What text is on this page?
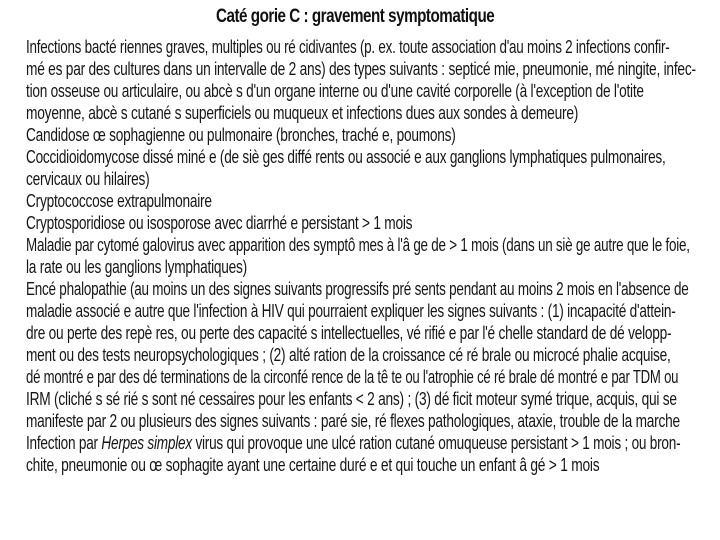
Caté gorie C : gravement symptomatique
Infections bacté riennes graves, multiples ou ré cidivantes (p. ex. toute association d'au moins 2 infections confir-
mé es par des cultures dans un intervalle de 2 ans) des types suivants : septicé mie, pneumonie, mé ningite, infec-
tion osseuse ou articulaire, ou abcè s d'un organe interne ou d'une cavité corporelle (à l'exception de l'otite
moyenne, abcè s cutané s superficiels ou muqueux et infections dues aux sondes à demeure)
Candidose œ sophagienne ou pulmonaire (bronches, traché e, poumons)
Coccidioidomycose dissé miné e (de siè ges diffé rents ou associé e aux ganglions lymphatiques pulmonaires,
cervicaux ou hilaires)
Cryptococcose extrapulmonaire
Cryptosporidiose ou isosporose avec diarrhé e persistant > 1 mois
Maladie par cytomé galovirus avec apparition des symptô mes à l'â ge de > 1 mois (dans un siè ge autre que le foie,
la rate ou les ganglions lymphatiques)
Encé phalopathie (au moins un des signes suivants progressifs pré sents pendant au moins 2 mois en l'absence de
maladie associé e autre que l'infection à HIV qui pourraient expliquer les signes suivants : (1) incapacité d'attein-
dre ou perte des repè res, ou perte des capacité s intellectuelles, vé rifié e par l'é chelle standard de dé velopp-
ment ou des tests neuropsychologiques ; (2) alté ration de la croissance cé ré brale ou microcé phalie acquise,
dé montré e par des dé terminations de la circonfé rence de la tê te ou l'atrophie cé ré brale dé montré e par TDM ou
IRM (cliché s sé rié s sont né cessaires pour les enfants < 2 ans) ; (3) dé ficit moteur symé trique, acquis, qui se
manifeste par 2 ou plusieurs des signes suivants : paré sie, ré flexes pathologiques, ataxie, trouble de la marche
Infection par Herpes simplex virus qui provoque une ulcé ration cutané omuqueuse persistant > 1 mois ; ou bron-
chite, pneumonie ou œ sophagite ayant une certaine duré e et qui touche un enfant â gé > 1 mois
